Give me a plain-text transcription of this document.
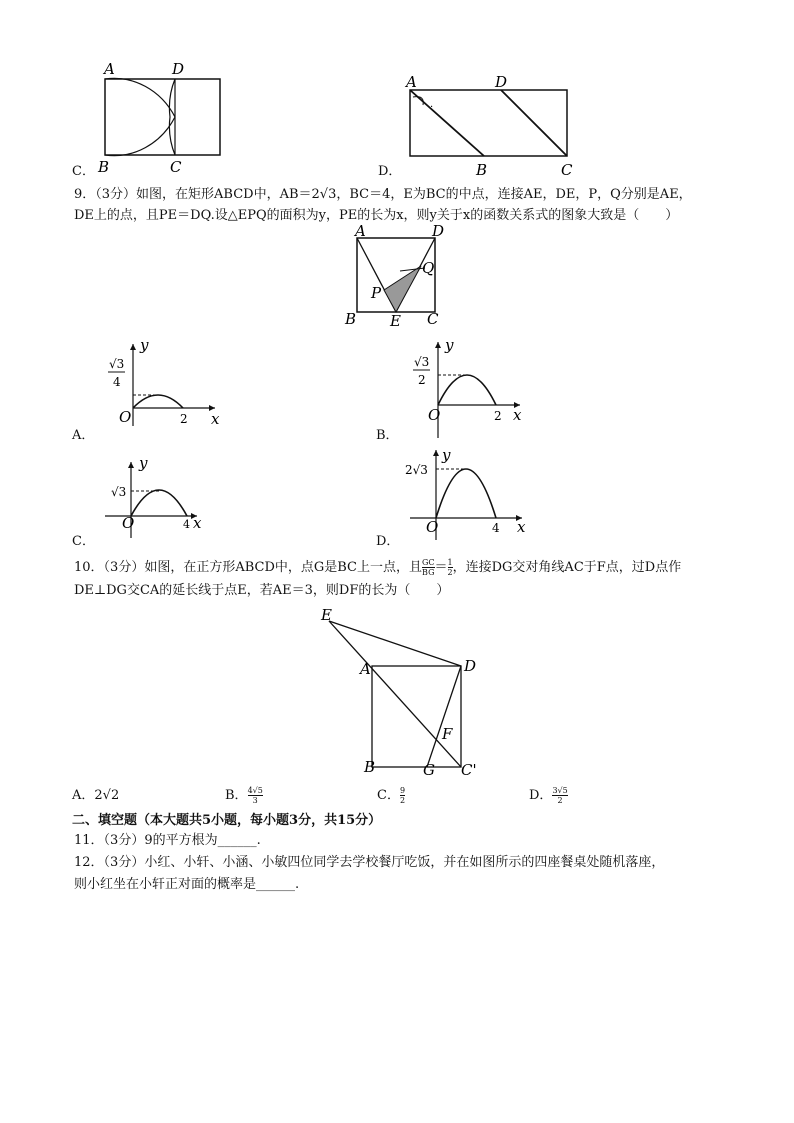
A	D
B	C
C．
·
A	D
B	C
D．
9．（3分）如图，在矩形ABCD中，AB＝2√3，BC＝4，E为BC的中点，连接AE，DE，P，Q分别是AE，
DE上的点，且PE＝DQ.设△EPQ的面积为y，PE的长为x，则y关于x的函数关系式的图象大致是（　　）
A	D
B E C
P
Q
√3
4
y
x
O	2
A．
√3
2
y
x
O	2
B．
√3
y
x
O	4
C．
2√3
y
x
O	4
D．
10．（3分）如图，在正方形ABCD中，点G是BC上一点，且 $\frac{GC}{BG} = \frac{1}{2}$ ，连接DG交对角线AC于F点，过D点作
DE⊥DG交CA的延长线于点E，若AE＝3，则DF的长为（　　）
E
A	D
F
B	G C'
A．2√2	B． $\frac{4√5}{3}$	C． $\frac{9}{2}$	D． $\frac{3√5}{2}$
二、填空题（本大题共5小题，每小题3分，共15分）
11．（3分）9的平方根为______.
12．（3分）小红、小轩、小涵、小敏四位同学去学校餐厅吃饭，并在如图所示的四座餐桌处随机落座，
则小红坐在小轩正对面的概率是______.
